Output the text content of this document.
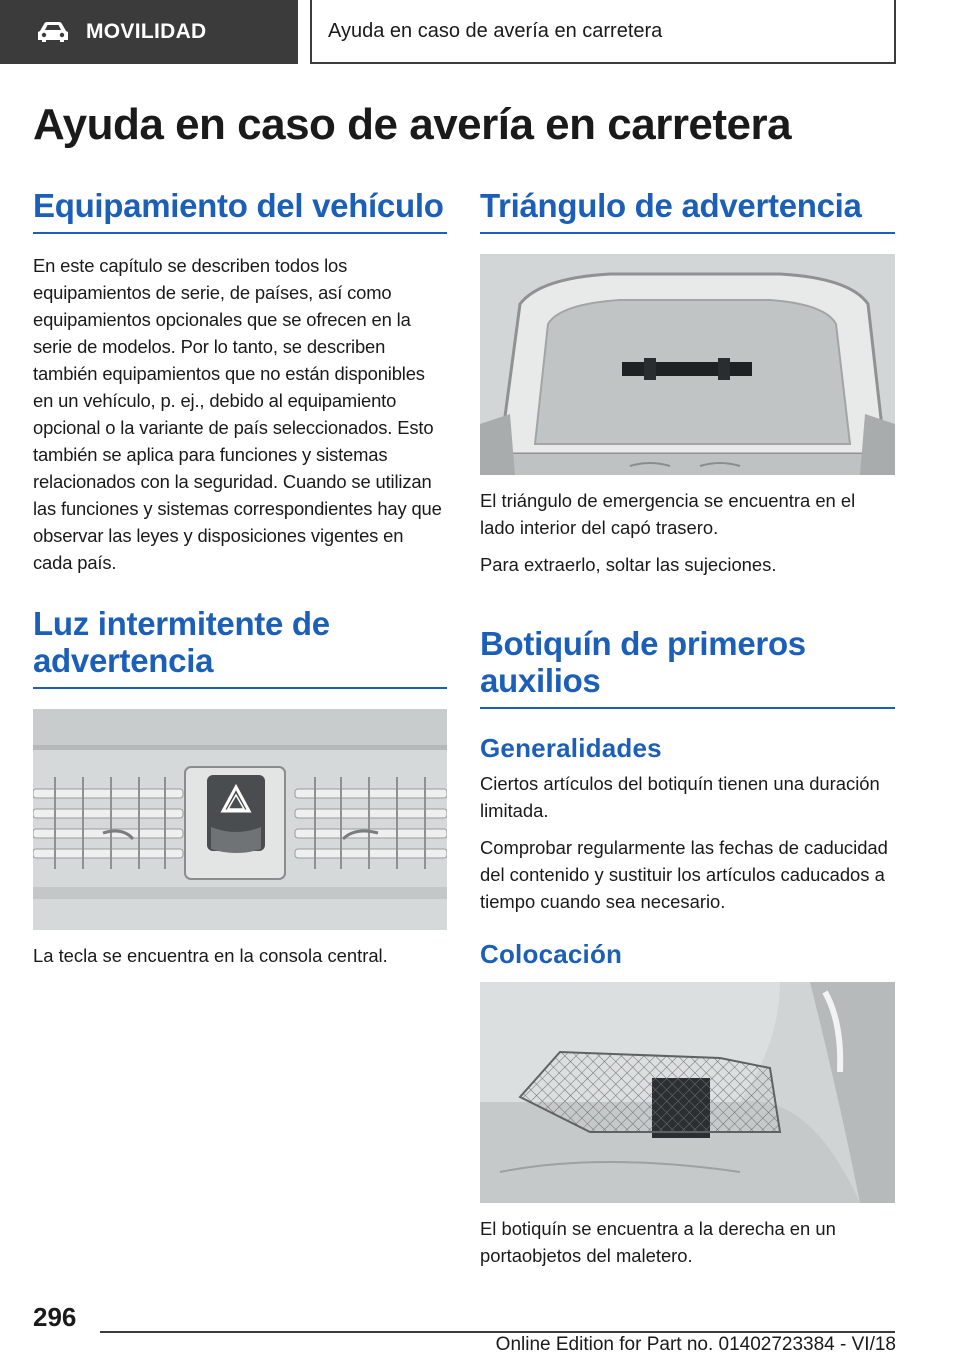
MOVILIDAD	Ayuda en caso de avería en carretera
Ayuda en caso de avería en carretera
Equipamiento del vehículo

En este capítulo se describen todos los equipamientos de serie, de países, así como equipamientos opcionales que se ofrecen en la serie de modelos. Por lo tanto, se describen también equipamientos que no están disponibles en un vehículo, p. ej., debido al equipamiento opcional o la variante de país seleccionados. Esto también se aplica para funciones y sistemas relacionados con la seguridad. Cuando se utilizan las funciones y sistemas correspondientes hay que observar las leyes y disposiciones vigentes en cada país.

Luz intermitente de advertencia

La tecla se encuentra en la consola central.

Triángulo de advertencia

El triángulo de emergencia se encuentra en el lado interior del capó trasero.

Para extraerlo, soltar las sujeciones.

Botiquín de primeros auxilios
Generalidades

Ciertos artículos del botiquín tienen una duración limitada.

Comprobar regularmente las fechas de caducidad del contenido y sustituir los artículos caducados a tiempo cuando sea necesario.

Colocación

El botiquín se encuentra a la derecha en un portaobjetos del maletero.

296
Online Edition for Part no. 01402723384 - VI/18
